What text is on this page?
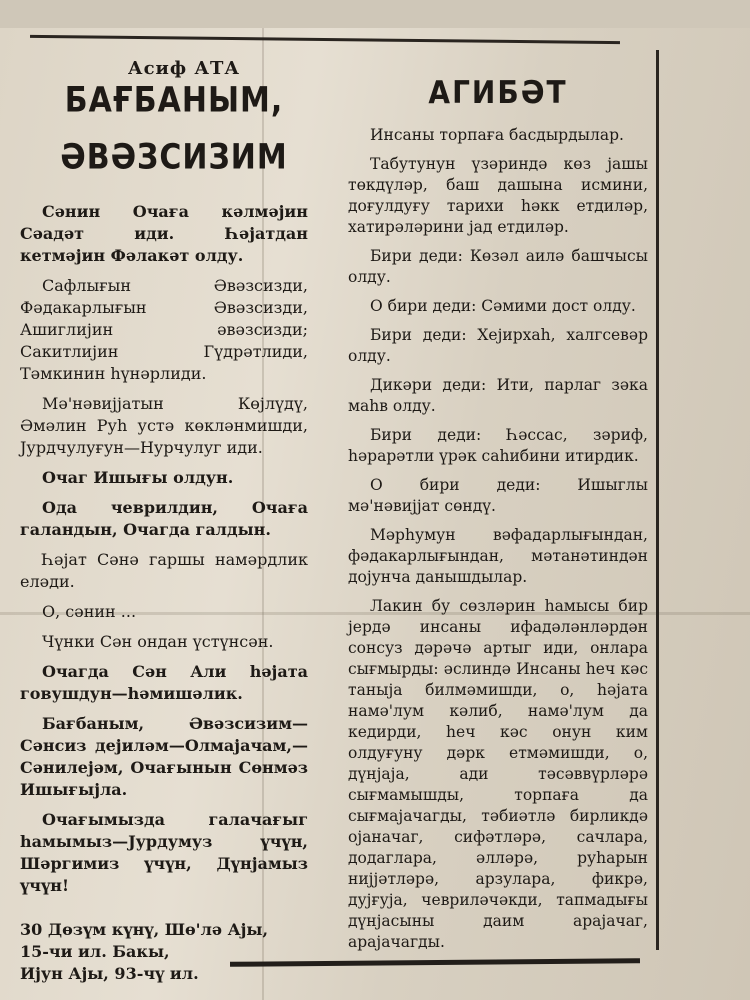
Асиф АТА
БАҒБАНЫМ,
ӘВӘЗСИЗИМ

Сәнин Очаға кәлмәјин Сәадәт иди. Һәјатдан кетмәјин Фәлакәт олду.

Сафлығын Әвәзсизди, Фәдакарлығын Әвәзсизди, Ашиглијин әвәзсизди; Сакитлијин Гүдрәтлиди, Тәмкинин һүнәрлиди.

Мә'нәвијјатын Көјлүдү, Әмәлин Руһ устә көкләнмишди, Јурдчулуғун—Нурчулуг иди.

Очаг Ишығы олдун.

Ода чеврилдин, Очаға галандын, Очагда галдын.

Һәјат Сәнә гаршы намәрдлик елəди.

О, сәнин ...

Чүнки Сән ондан үстүнсән.

Очагда Сән Али һәјата говушдун—һәмишәлик.

Бағбаным, Әвәзсизим—Сәнсиз дејиләм—Олмајачам,—Сәнилејәм, Очағынын Сөнмәз Ишығыјла.

Очағымызда галачағыг һамымыз—Јурдумуз үчүн, Шәргимиз үчүн, Дүнјамыз үчүн!

30 Дөзүм күнү, Шө'лә Ајы,

15-чи ил. Бакы,

Ијун Ајы, 93-чү ил.

АГИБӘТ

Инсаны торпаға басдырдылар.

Табутунун үзәриндә көз јашы төкдүләр, баш дашына исмини, доғулдуғу тарихи һәкк етдиләр, хатирәләрини јад етдиләр.

Бири деди: Көзәл аилә башчысы олду.

О бири деди: Сәмими дост олду.

Бири деди: Хејирхаһ, халгсевәр олду.

Дикәри деди: Ити, парлаг зәка маһв олду.

Бири деди: Һәссас, зәриф, һәрарәтли үрәк саһибини итирдик.

О бири деди: Ишыглы мә'нәвијјат сөндү.

Мәрһумун вәфадарлығындан, фәдакарлығындан, мәтанәтиндән дојунча данышдылар.

Лакин бу сөзләрин һамысы бир јердә инсаны ифадәләнләрдән сонсуз дәрәчә артыг иди, онлара сығмырды: әслиндә Инсаны һеч кәс таныја билмәмишди, о, һәјата намә'лум кәлиб, намә'лум да кедирди, һеч кәс онун ким олдуғуну дәрк етмәмишди, о, дүнјаја, ади тәсәввүрләрә сығмамышды, торпаға да сығмајачагды, тәбиәтлә бирликдә ојаначаг, сифәтләрә, сачлара, додаглара, әлләрә, руһарын нијјәтләрә, арзулара, фикрә, дујғуја, чеврилəчәкди, тапмадығы дүнјасыны даим арајачаг, арајачагды.
